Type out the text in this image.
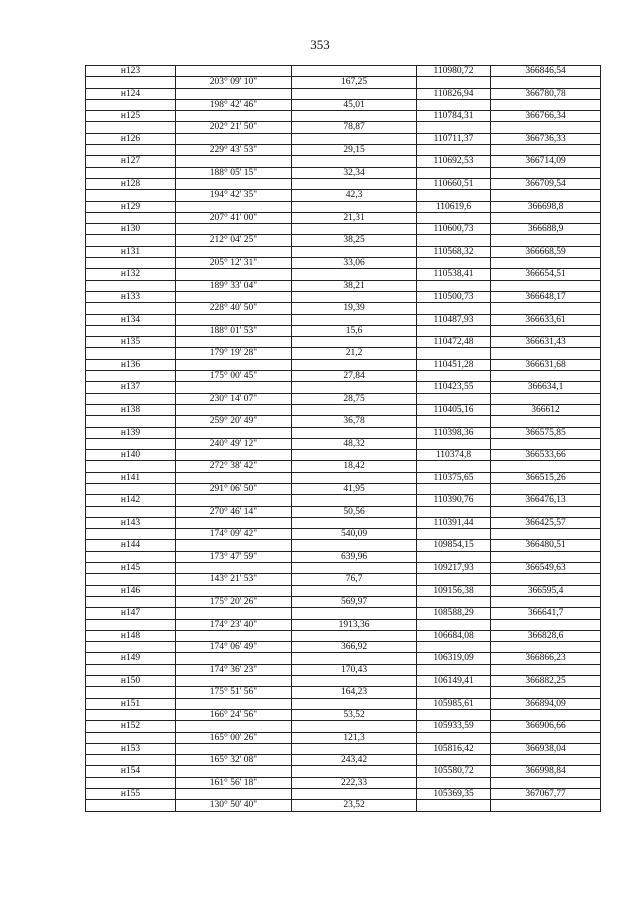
353
н123			110980,72	366846,54
	203° 09' 10"	167,25		
н124			110826,94	366780,78
	198° 42' 46"	45,01		
н125			110784,31	366766,34
	202° 21' 50"	78,87		
н126			110711,37	366736,33
	229° 43' 53"	29,15		
н127			110692,53	366714,09
	188° 05' 15"	32,34		
н128			110660,51	366709,54
	194° 42' 35"	42,3		
н129			110619,6	366698,8
	207° 41' 00"	21,31		
н130			110600,73	366688,9
	212° 04' 25"	38,25		
н131			110568,32	366668,59
	205° 12' 31"	33,06		
н132			110538,41	366654,51
	189° 33' 04"	38,21		
н133			110500,73	366648,17
	228° 40' 50"	19,39		
н134			110487,93	366633,61
	188° 01' 53"	15,6		
н135			110472,48	366631,43
	179° 19' 28"	21,2		
н136			110451,28	366631,68
	175° 00' 45"	27,84		
н137			110423,55	366634,1
	230° 14' 07"	28,75		
н138			110405,16	366612
	259° 20' 49"	36,78		
н139			110398,36	366575,85
	240° 49' 12"	48,32		
н140			110374,8	366533,66
	272° 38' 42"	18,42		
н141			110375,65	366515,26
	291° 06' 50"	41,95		
н142			110390,76	366476,13
	270° 46' 14"	50,56		
н143			110391,44	366425,57
	174° 09' 42"	540,09		
н144			109854,15	366480,51
	173° 47' 59"	639,96		
н145			109217,93	366549,63
	143° 21' 53"	76,7		
н146			109156,38	366595,4
	175° 20' 26"	569,97		
н147			108588,29	366641,7
	174° 23' 40"	1913,36		
н148			106684,08	366828,6
	174° 06' 49"	366,92		
н149			106319,09	366866,23
	174° 36' 23"	170,43		
н150			106149,41	366882,25
	175° 51' 56"	164,23		
н151			105985,61	366894,09
	166° 24' 56"	53,52		
н152			105933,59	366906,66
	165° 00' 26"	121,3		
н153			105816,42	366938,04
	165° 32' 08"	243,42		
н154			105580,72	366998,84
	161° 56' 18"	222,33		
н155			105369,35	367067,77
	130° 50' 40"	23,52		
